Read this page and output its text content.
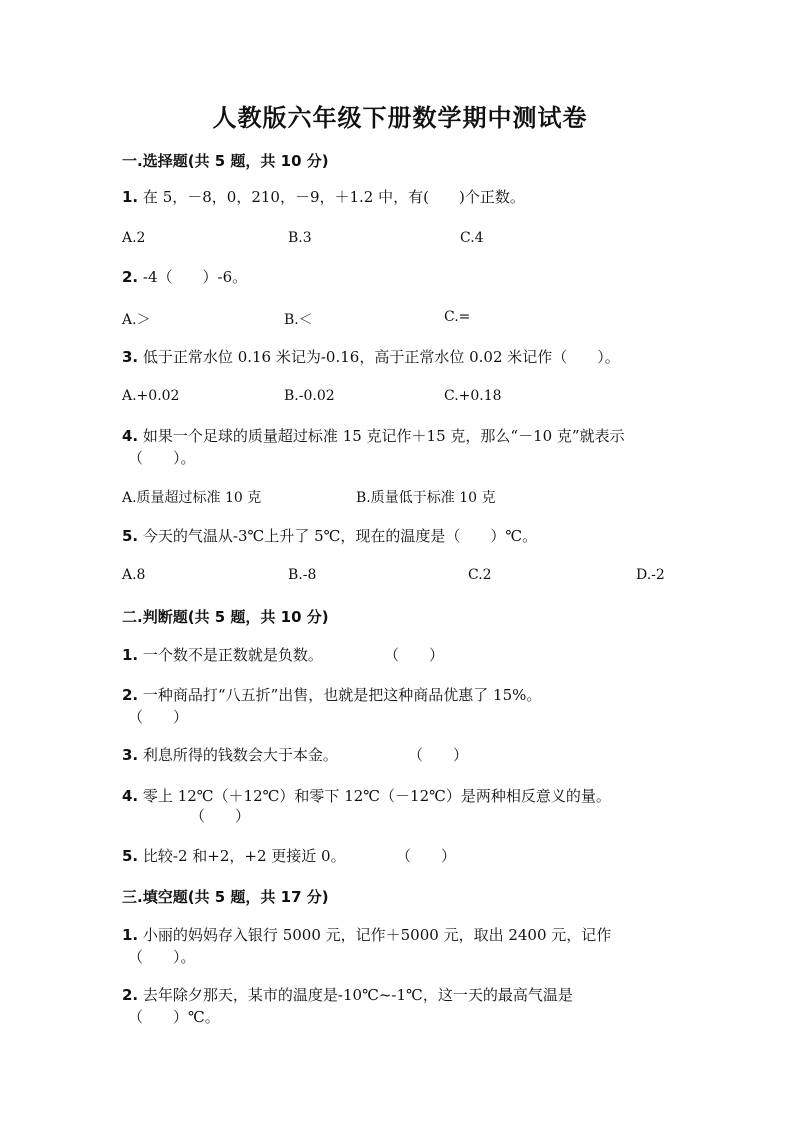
人教版六年级下册数学期中测试卷
一.选择题(共 5 题，共 10 分)
1. 在 5，－8，0，210，－9，＋1.2 中，有(　　)个正数。
A.2	B.3	C.4
2. -4（　　）-6。
A.＞	B.＜	C.=
3. 低于正常水位 0.16 米记为-0.16，高于正常水位 0.02 米记作（　　）。
A.+0.02	B.-0.02	C.+0.18
4. 如果一个足球的质量超过标准 15 克记作＋15 克，那么“－10 克”就表示
（　　）。
A.质量超过标准 10 克	B.质量低于标准 10 克
5. 今天的气温从-3℃上升了 5℃，现在的温度是（　　）℃。
A.8	B.-8	C.2	D.-2
二.判断题(共 5 题，共 10 分)
1. 一个数不是正数就是负数。	（　　）
2. 一种商品打“八五折”出售，也就是把这种商品优惠了 15%。
（　　）
3. 利息所得的钱数会大于本金。	（　　）
4. 零上 12℃（＋12℃）和零下 12℃（－12℃）是两种相反意义的量。
（　　）
5. 比较-2 和+2，+2 更接近 0。	（　　）
三.填空题(共 5 题，共 17 分)
1. 小丽的妈妈存入银行 5000 元，记作＋5000 元，取出 2400 元，记作
（　　）。
2. 去年除夕那天，某市的温度是-10℃~-1℃，这一天的最高气温是
（　　）℃。
